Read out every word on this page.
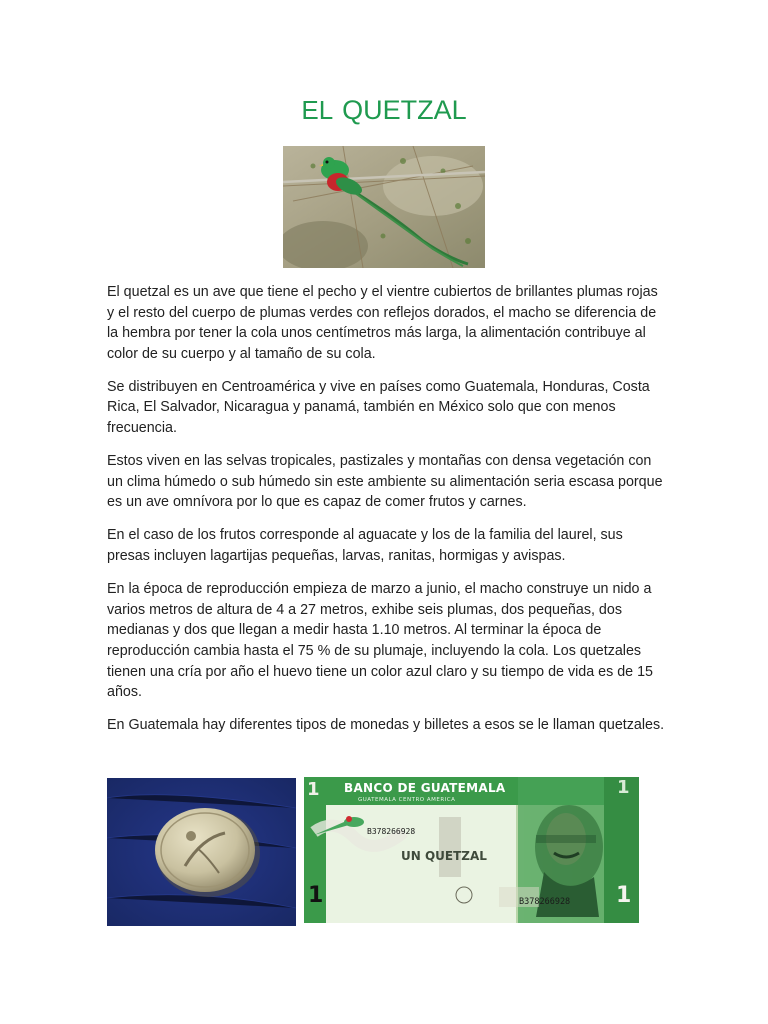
EL QUETZAL

El quetzal es un ave que tiene el pecho y el vientre cubiertos de brillantes plumas rojas y el resto del cuerpo de plumas verdes con reflejos dorados, el macho se diferencia de la hembra por tener la cola unos centímetros más larga, la alimentación contribuye al color de su cuerpo y al tamaño de su cola.

Se distribuyen en Centroamérica y vive en países como Guatemala, Honduras, Costa Rica, El Salvador, Nicaragua y panamá, también en México solo que con menos frecuencia.

Estos viven en las selvas tropicales, pastizales y montañas con densa vegetación con un clima húmedo o sub húmedo sin este ambiente su alimentación seria escasa porque es un ave omnívora por lo que es capaz de comer frutos y carnes.

En el caso de los frutos corresponde al aguacate y los de la familia del laurel, sus presas incluyen lagartijas pequeñas, larvas, ranitas, hormigas y avispas.

En la época de reproducción empieza de marzo a junio, el macho construye un nido a varios metros de altura de 4 a 27 metros, exhibe seis plumas, dos pequeñas, dos medianas y dos que llegan a medir hasta 1.10 metros. Al terminar la época de reproducción cambia hasta el 75 % de su plumaje, incluyendo la cola. Los quetzales tienen una cría por año el huevo tiene un color azul claro y su tiempo de vida es de 15 años.

En Guatemala hay diferentes tipos de monedas y billetes a esos se le llaman quetzales.

1 BANCO DE GUATEMALA
GUATEMALA CENTRO AMERICA
1
B378266928
UN QUETZAL
B378266928
1	1
